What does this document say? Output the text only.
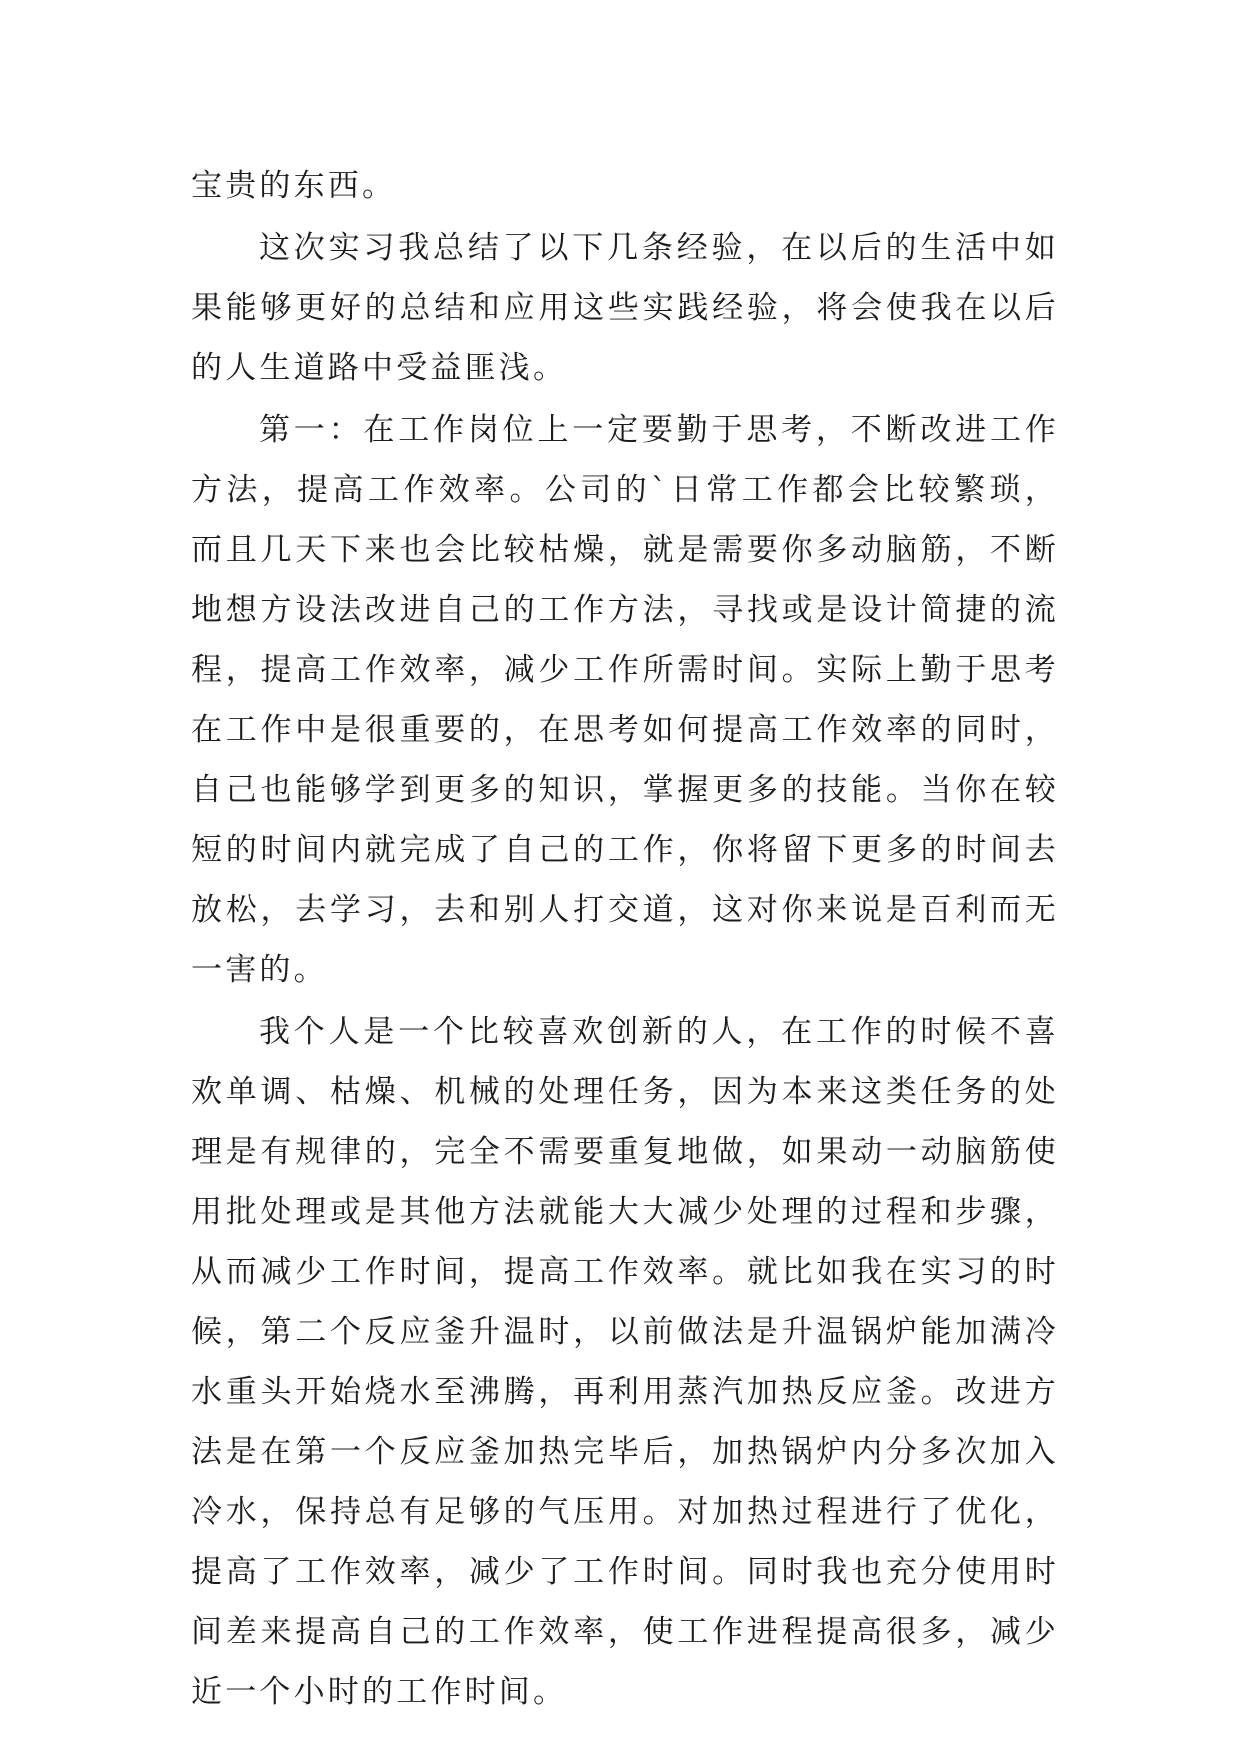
宝贵的东西。

这次实习我总结了以下几条经验，在以后的生活中如果能够更好的总结和应用这些实践经验，将会使我在以后的人生道路中受益匪浅。

第一：在工作岗位上一定要勤于思考，不断改进工作方法，提高工作效率。公司的`日常工作都会比较繁琐，而且几天下来也会比较枯燥，就是需要你多动脑筋，不断地想方设法改进自己的工作方法，寻找或是设计简捷的流程，提高工作效率，减少工作所需时间。实际上勤于思考在工作中是很重要的，在思考如何提高工作效率的同时，自己也能够学到更多的知识，掌握更多的技能。当你在较短的时间内就完成了自己的工作，你将留下更多的时间去放松，去学习，去和别人打交道，这对你来说是百利而无一害的。

我个人是一个比较喜欢创新的人，在工作的时候不喜欢单调、枯燥、机械的处理任务，因为本来这类任务的处理是有规律的，完全不需要重复地做，如果动一动脑筋使用批处理或是其他方法就能大大减少处理的过程和步骤，从而减少工作时间，提高工作效率。就比如我在实习的时候，第二个反应釜升温时，以前做法是升温锅炉能加满冷水重头开始烧水至沸腾，再利用蒸汽加热反应釜。改进方法是在第一个反应釜加热完毕后，加热锅炉内分多次加入冷水，保持总有足够的气压用。对加热过程进行了优化，提高了工作效率，减少了工作时间。同时我也充分使用时间差来提高自己的工作效率，使工作进程提高很多，减少近一个小时的工作时间。
